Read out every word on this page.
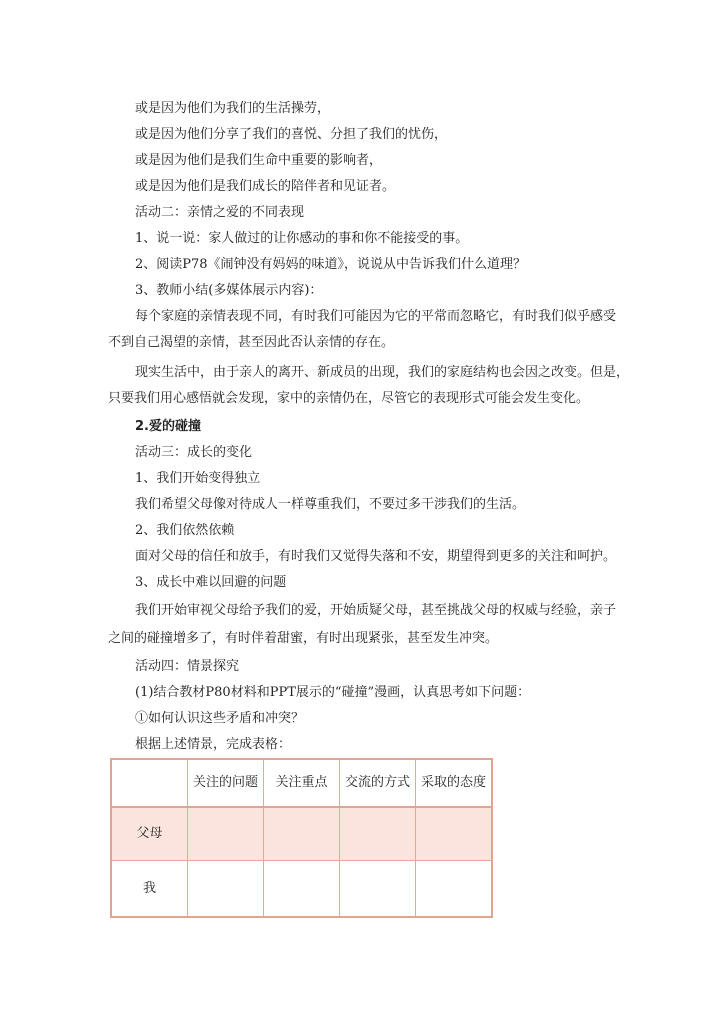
或是因为他们为我们的生活操劳，
或是因为他们分享了我们的喜悦、分担了我们的忧伤，
或是因为他们是我们生命中重要的影响者，
或是因为他们是我们成长的陪伴者和见证者。
活动二：亲情之爱的不同表现
1、说一说：家人做过的让你感动的事和你不能接受的事。
2、阅读P78《闹钟没有妈妈的味道》，说说从中告诉我们什么道理？
3、教师小结(多媒体展示内容)：
每个家庭的亲情表现不同，有时我们可能因为它的平常而忽略它，有时我们似乎感受
不到自己渴望的亲情，甚至因此否认亲情的存在。
现实生活中，由于亲人的离开、新成员的出现，我们的家庭结构也会因之改变。但是，
只要我们用心感悟就会发现，家中的亲情仍在，尽管它的表现形式可能会发生变化。
2.爱的碰撞
活动三：成长的变化
1、我们开始变得独立
我们希望父母像对待成人一样尊重我们，不要过多干涉我们的生活。
2、我们依然依赖
面对父母的信任和放手，有时我们又觉得失落和不安，期望得到更多的关注和呵护。
3、成长中难以回避的问题
我们开始审视父母给予我们的爱，开始质疑父母，甚至挑战父母的权威与经验，亲子
之间的碰撞增多了，有时伴着甜蜜，有时出现紧张，甚至发生冲突。
活动四：情景探究
(1)结合教材P80材料和PPT展示的“碰撞”漫画，认真思考如下问题：
①如何认识这些矛盾和冲突？
根据上述情景，完成表格：
	关注的问题	关注重点	交流的方式	采取的态度
父母				
我				
